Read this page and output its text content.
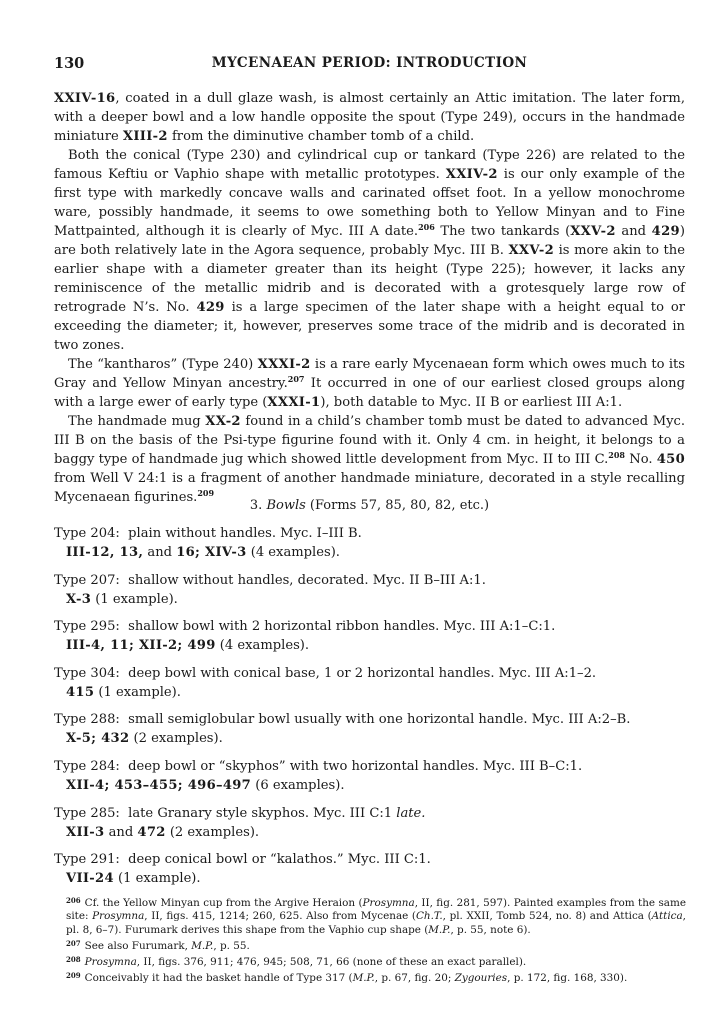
130	MYCENAEAN PERIOD: INTRODUCTION

XXIV-16, coated in a dull glaze wash, is almost certainly an Attic imitation. The later form, with a deeper bowl and a low handle opposite the spout (Type 249), occurs in the handmade miniature XIII-2 from the diminutive chamber tomb of a child.

Both the conical (Type 230) and cylindrical cup or tankard (Type 226) are related to the famous Keftiu or Vaphio shape with metallic prototypes. XXIV-2 is our only example of the first type with markedly concave walls and carinated offset foot. In a yellow monochrome ware, possibly handmade, it seems to owe something both to Yellow Minyan and to Fine Mattpainted, although it is clearly of Myc. III A date.$^{206}$ The two tankards (XXV-2 and 429) are both relatively late in the Agora sequence, probably Myc. III B. XXV-2 is more akin to the earlier shape with a diameter greater than its height (Type 225); however, it lacks any reminiscence of the metallic midrib and is decorated with a grotesquely large row of retrograde N’s. No. 429 is a large specimen of the later shape with a height equal to or exceeding the diameter; it, however, preserves some trace of the midrib and is decorated in two zones.

The “kantharos” (Type 240) XXXI-2 is a rare early Mycenaean form which owes much to its Gray and Yellow Minyan ancestry.$^{207}$ It occurred in one of our earliest closed groups along with a large ewer of early type (XXXI-1), both datable to Myc. II B or earliest III A:1.

The handmade mug XX-2 found in a child’s chamber tomb must be dated to advanced Myc. III B on the basis of the Psi-type figurine found with it. Only 4 cm. in height, it belongs to a baggy type of handmade jug which showed little development from Myc. II to III C.$^{208}$ No. 450 from Well V 24:1 is a fragment of another handmade miniature, decorated in a style recalling Mycenaean figurines.$^{209}$

3. Bowls (Forms 57, 85, 80, 82, etc.)
Type 204: plain without handles. Myc. I–III B.
III-12, 13, and 16; XIV-3 (4 examples).
Type 207: shallow without handles, decorated. Myc. II B–III A:1.
X-3 (1 example).
Type 295: shallow bowl with 2 horizontal ribbon handles. Myc. III A:1–C:1.
III-4, 11; XII-2; 499 (4 examples).
Type 304: deep bowl with conical base, 1 or 2 horizontal handles. Myc. III A:1–2.
415 (1 example).
Type 288: small semiglobular bowl usually with one horizontal handle. Myc. III A:2–B.
X-5; 432 (2 examples).
Type 284: deep bowl or “skyphos” with two horizontal handles. Myc. III B–C:1.
XII-4; 453–455; 496–497 (6 examples).
Type 285: late Granary style skyphos. Myc. III C:1 late.
XII-3 and 472 (2 examples).
Type 291: deep conical bowl or “kalathos.” Myc. III C:1.
VII-24 (1 example).

$^{206}$ Cf. the Yellow Minyan cup from the Argive Heraion (Prosymna, II, fig. 281, 597). Painted examples from the same site: Prosymna, II, figs. 415, 1214; 260, 625. Also from Mycenae (Ch.T., pl. XXII, Tomb 524, no. 8) and Attica (Attica, pl. 8, 6–7). Furumark derives this shape from the Vaphio cup shape (M.P., p. 55, note 6).

$^{207}$ See also Furumark, M.P., p. 55.

$^{208}$ Prosymna, II, figs. 376, 911; 476, 945; 508, 71, 66 (none of these an exact parallel).

$^{209}$ Conceivably it had the basket handle of Type 317 (M.P., p. 67, fig. 20; Zygouries, p. 172, fig. 168, 330).
